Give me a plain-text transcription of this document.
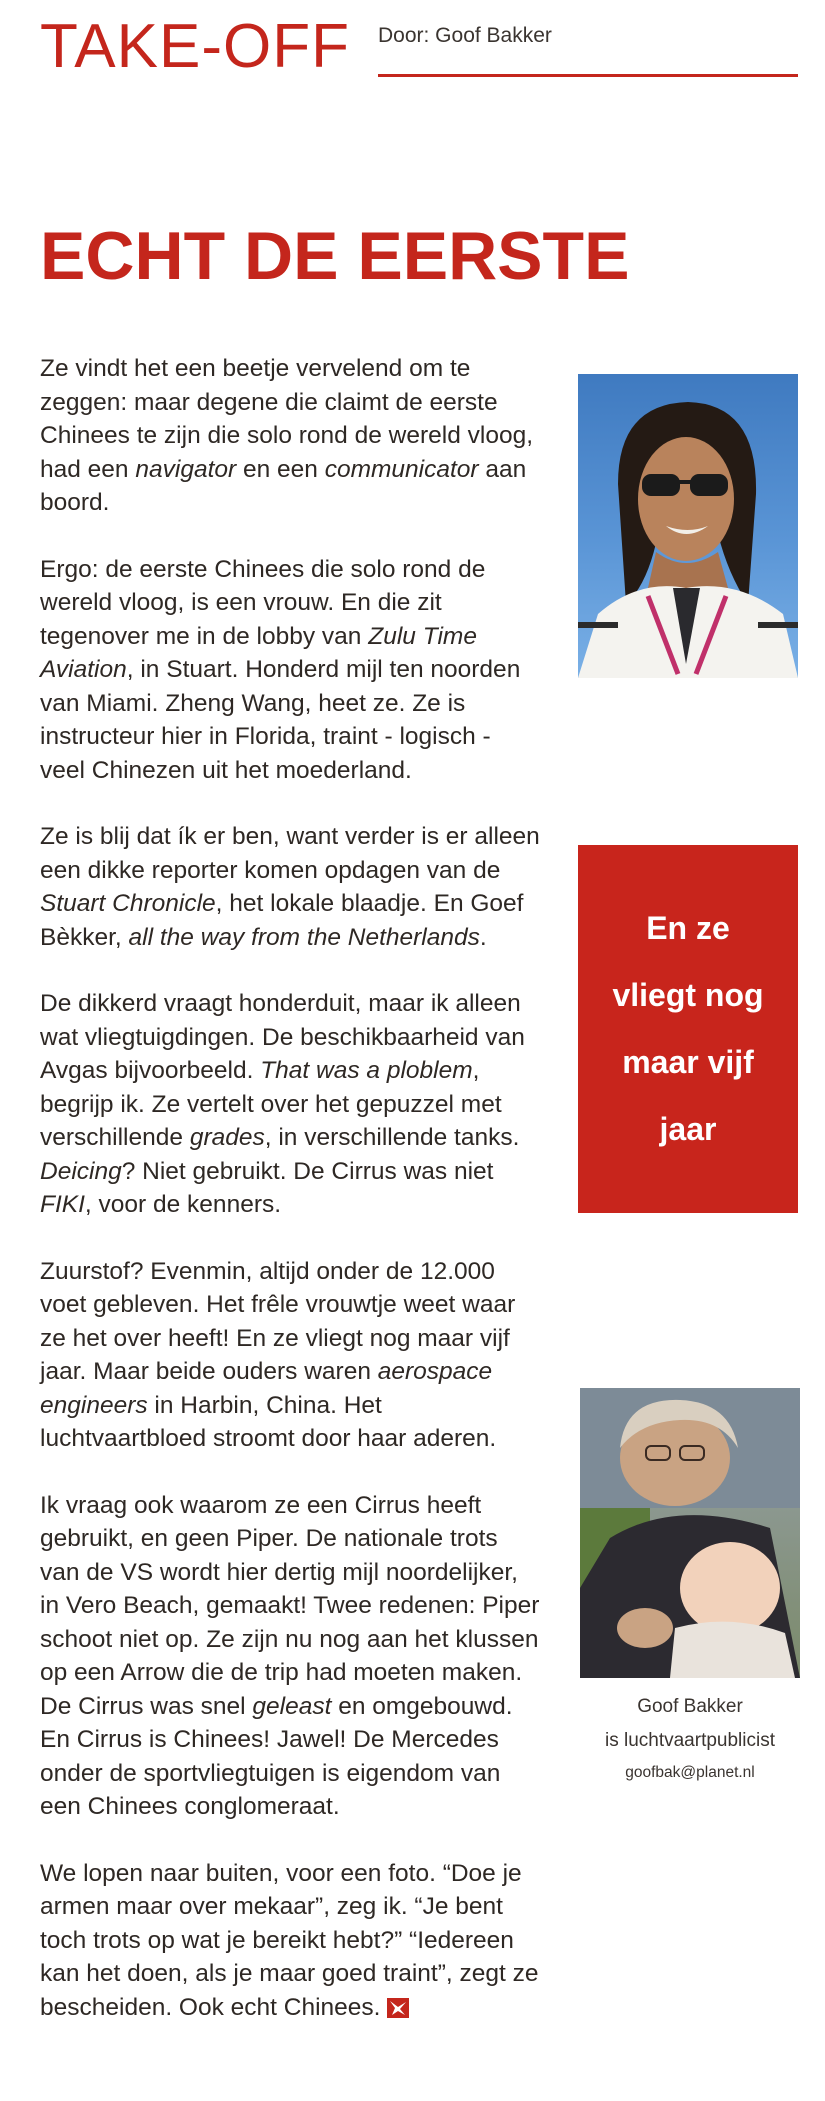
TAKE-OFF Door: Goof Bakker
ECHT DE EERSTE

Ze vindt het een beetje vervelend om te zeggen: maar degene die claimt de eerste Chinees te zijn die solo rond de wereld vloog, had een navigator en een communicator aan boord.

Ergo: de eerste Chinees die solo rond de wereld vloog, is een vrouw. En die zit tegenover me in de lobby van Zulu Time Aviation, in Stuart. Honderd mijl ten noorden van Miami. Zheng Wang, heet ze. Ze is instructeur hier in Florida, traint - logisch - veel Chinezen uit het moederland.

Ze is blij dat ík er ben, want verder is er alleen een dikke reporter komen opdagen van de Stuart Chronicle, het lokale blaadje. En Goef Bèkker, all the way from the Netherlands.

De dikkerd vraagt honderduit, maar ik alleen wat vliegtuigdingen. De beschikbaarheid van Avgas bijvoorbeeld. That was a ploblem, begrijp ik. Ze vertelt over het gepuzzel met verschillende grades, in verschillende tanks. Deicing? Niet gebruikt. De Cirrus was niet FIKI, voor de kenners.

Zuurstof? Evenmin, altijd onder de 12.000 voet gebleven. Het frêle vrouwtje weet waar ze het over heeft! En ze vliegt nog maar vijf jaar. Maar beide ouders waren aerospace engineers in Harbin, China. Het luchtvaartbloed stroomt door haar aderen.

Ik vraag ook waarom ze een Cirrus heeft gebruikt, en geen Piper. De nationale trots van de VS wordt hier dertig mijl noordelijker, in Vero Beach, gemaakt! Twee redenen: Piper schoot niet op. Ze zijn nu nog aan het klussen op een Arrow die de trip had moeten maken. De Cirrus was snel geleast en omgebouwd. En Cirrus is Chinees! Jawel! De Mercedes onder de sportvliegtuigen is eigendom van een Chinees conglomeraat.

We lopen naar buiten, voor een foto. “Doe je armen maar over mekaar”, zeg ik. “Je bent toch trots op wat je bereikt hebt?” “Iedereen kan het doen, als je maar goed traint”, zegt ze bescheiden. Ook echt Chinees.

En ze
vliegt nog
maar vijf
jaar
Goof Bakker
is luchtvaartpublicist
goofbak@planet.nl
